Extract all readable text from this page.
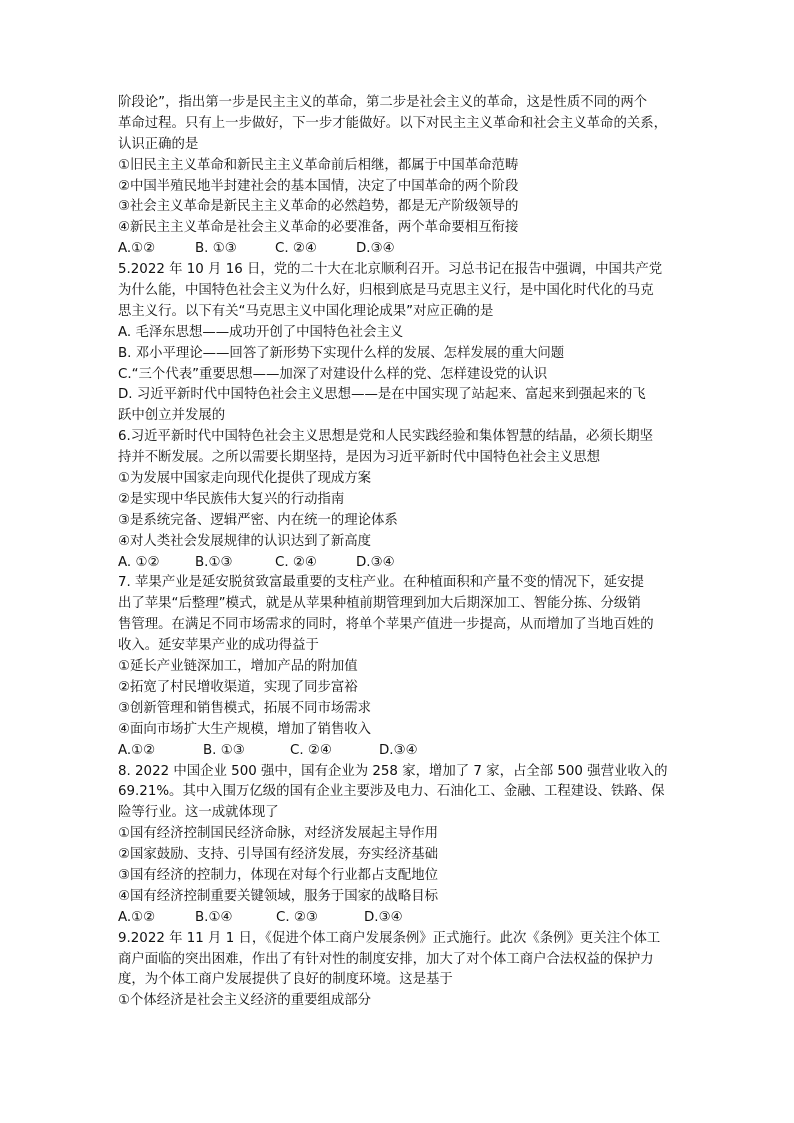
阶段论”，指出第一步是民主主义的革命，第二步是社会主义的革命，这是性质不同的两个
革命过程。只有上一步做好，下一步才能做好。以下对民主主义革命和社会主义革命的关系，
认识正确的是
①旧民主主义革命和新民主主义革命前后相继，都属于中国革命范畴
②中国半殖民地半封建社会的基本国情，决定了中国革命的两个阶段
③社会主义革命是新民主主义革命的必然趋势，都是无产阶级领导的
④新民主主义革命是社会主义革命的必要准备，两个革命要相互衔接
A.①②	B. ①③	C. ②④	D.③④
5.2022 年 10 月 16 日，党的二十大在北京顺利召开。习总书记在报告中强调，中国共产党
为什么能，中国特色社会主义为什么好，归根到底是马克思主义行，是中国化时代化的马克
思主义行。以下有关“马克思主义中国化理论成果”对应正确的是
A. 毛泽东思想——成功开创了中国特色社会主义
B. 邓小平理论——回答了新形势下实现什么样的发展、怎样发展的重大问题
C.“三个代表”重要思想——加深了对建设什么样的党、怎样建设党的认识
D. 习近平新时代中国特色社会主义思想——是在中国实现了站起来、富起来到强起来的飞
跃中创立并发展的
6.习近平新时代中国特色社会主义思想是党和人民实践经验和集体智慧的结晶，必须长期坚
持并不断发展。之所以需要长期坚持，是因为习近平新时代中国特色社会主义思想
①为发展中国家走向现代化提供了现成方案
②是实现中华民族伟大复兴的行动指南
③是系统完备、逻辑严密、内在统一的理论体系
④对人类社会发展规律的认识达到了新高度
A. ①②	B.①③	C. ②④	D.③④
7. 苹果产业是延安脱贫致富最重要的支柱产业。在种植面积和产量不变的情况下，延安提
出了苹果“后整理”模式，就是从苹果种植前期管理到加大后期深加工、智能分拣、分级销
售管理。在满足不同市场需求的同时，将单个苹果产值进一步提高，从而增加了当地百姓的
收入。延安苹果产业的成功得益于
①延长产业链深加工，增加产品的附加值
②拓宽了村民增收渠道，实现了同步富裕
③创新管理和销售模式，拓展不同市场需求
④面向市场扩大生产规模，增加了销售收入
A.①②	B. ①③	C. ②④	D.③④
8. 2022 中国企业 500 强中，国有企业为 258 家，增加了 7 家，占全部 500 强营业收入的
69.21%。其中入围万亿级的国有企业主要涉及电力、石油化工、金融、工程建设、铁路、保
险等行业。这一成就体现了
①国有经济控制国民经济命脉，对经济发展起主导作用
②国家鼓励、支持、引导国有经济发展，夯实经济基础
③国有经济的控制力，体现在对每个行业都占支配地位
④国有经济控制重要关键领域，服务于国家的战略目标
A.①②	B.①④	C. ②③	D.③④
9.2022 年 11 月 1 日，《促进个体工商户发展条例》正式施行。此次《条例》更关注个体工
商户面临的突出困难，作出了有针对性的制度安排，加大了对个体工商户合法权益的保护力
度，为个体工商户发展提供了良好的制度环境。这是基于
①个体经济是社会主义经济的重要组成部分
